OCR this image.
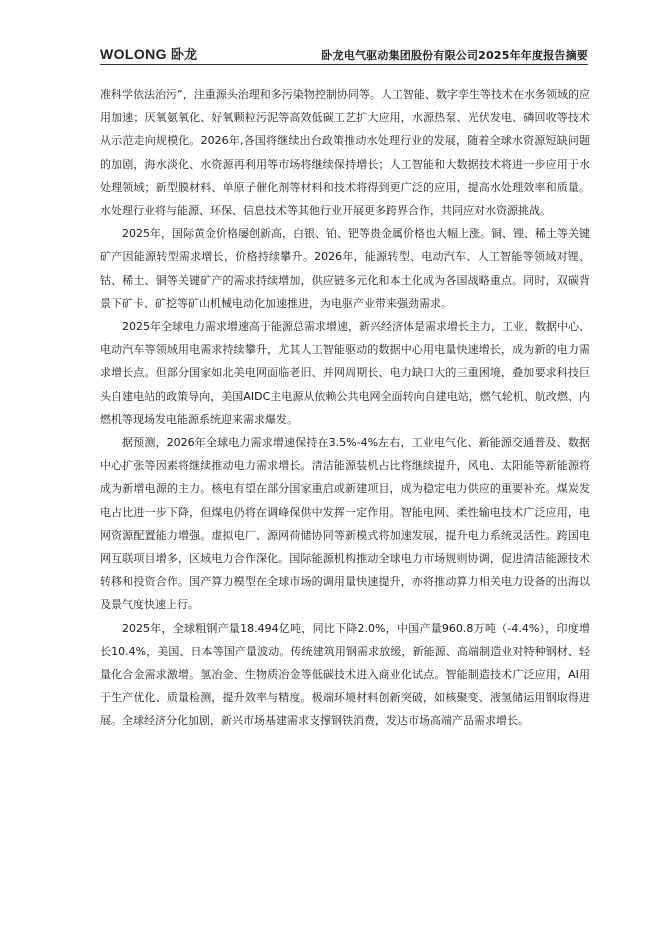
WOLONG 卧龙	卧龙电气驱动集团股份有限公司2025年年度报告摘要

准科学依法治污”，注重源头治理和多污染物控制协同等。人工智能、数字孪生等技术在水务领域的应用加速；厌氧氨氧化、好氧颗粒污泥等高效低碳工艺扩大应用，水源热泵、光伏发电、磷回收等技术从示范走向规模化。2026年,各国将继续出台政策推动水处理行业的发展，随着全球水资源短缺问题的加剧，海水淡化、水资源再利用等市场将继续保持增长；人工智能和大数据技术将进一步应用于水处理领域；新型膜材料、单原子催化剂等材料和技术将得到更广泛的应用，提高水处理效率和质量。水处理行业将与能源、环保、信息技术等其他行业开展更多跨界合作，共同应对水资源挑战。

2025年，国际黄金价格屡创新高，白银、铂、钯等贵金属价格也大幅上涨。铜、锂、稀土等关键矿产因能源转型需求增长，价格持续攀升。2026年，能源转型、电动汽车、人工智能等领域对锂、钴、稀土、铜等关键矿产的需求持续增加，供应链多元化和本土化成为各国战略重点。同时，双碳背景下矿卡、矿挖等矿山机械电动化加速推进，为电驱产业带来强劲需求。

2025年全球电力需求增速高于能源总需求增速，新兴经济体是需求增长主力，工业、数据中心、电动汽车等领域用电需求持续攀升，尤其人工智能驱动的数据中心用电量快速增长，成为新的电力需求增长点。但部分国家如北美电网面临老旧、并网周期长、电力缺口大的三重困境，叠加要求科技巨头自建电站的政策导向，美国AIDC主电源从依赖公共电网全面转向自建电站，燃气轮机、航改燃、内燃机等现场发电能源系统迎来需求爆发。

据预测，2026年全球电力需求增速保持在3.5%-4%左右，工业电气化、新能源交通普及、数据中心扩张等因素将继续推动电力需求增长。清洁能源装机占比将继续提升，风电、太阳能等新能源将成为新增电源的主力。核电有望在部分国家重启或新建项目，成为稳定电力供应的重要补充。煤炭发电占比进一步下降，但煤电仍将在调峰保供中发挥一定作用。智能电网、柔性输电技术广泛应用，电网资源配置能力增强。虚拟电厂、源网荷储协同等新模式将加速发展，提升电力系统灵活性。跨国电网互联项目增多，区域电力合作深化。国际能源机构推动全球电力市场规则协调，促进清洁能源技术转移和投资合作。国产算力模型在全球市场的调用量快速提升，亦将推动算力相关电力设备的出海以及景气度快速上行。

2025年，全球粗钢产量18.494亿吨，同比下降2.0%，中国产量960.8万吨（-4.4%），印度增长10.4%，美国、日本等国产量波动。传统建筑用钢需求放缓，新能源、高端制造业对特种钢材、轻量化合金需求激增。氢冶金、生物质冶金等低碳技术进入商业化试点。智能制造技术广泛应用，AI用于生产优化、质量检测，提升效率与精度。极端环境材料创新突破，如核聚变、液氢储运用钢取得进展。全球经济分化加剧，新兴市场基建需求支撑钢铁消费，发达市场高端产品需求增长。
